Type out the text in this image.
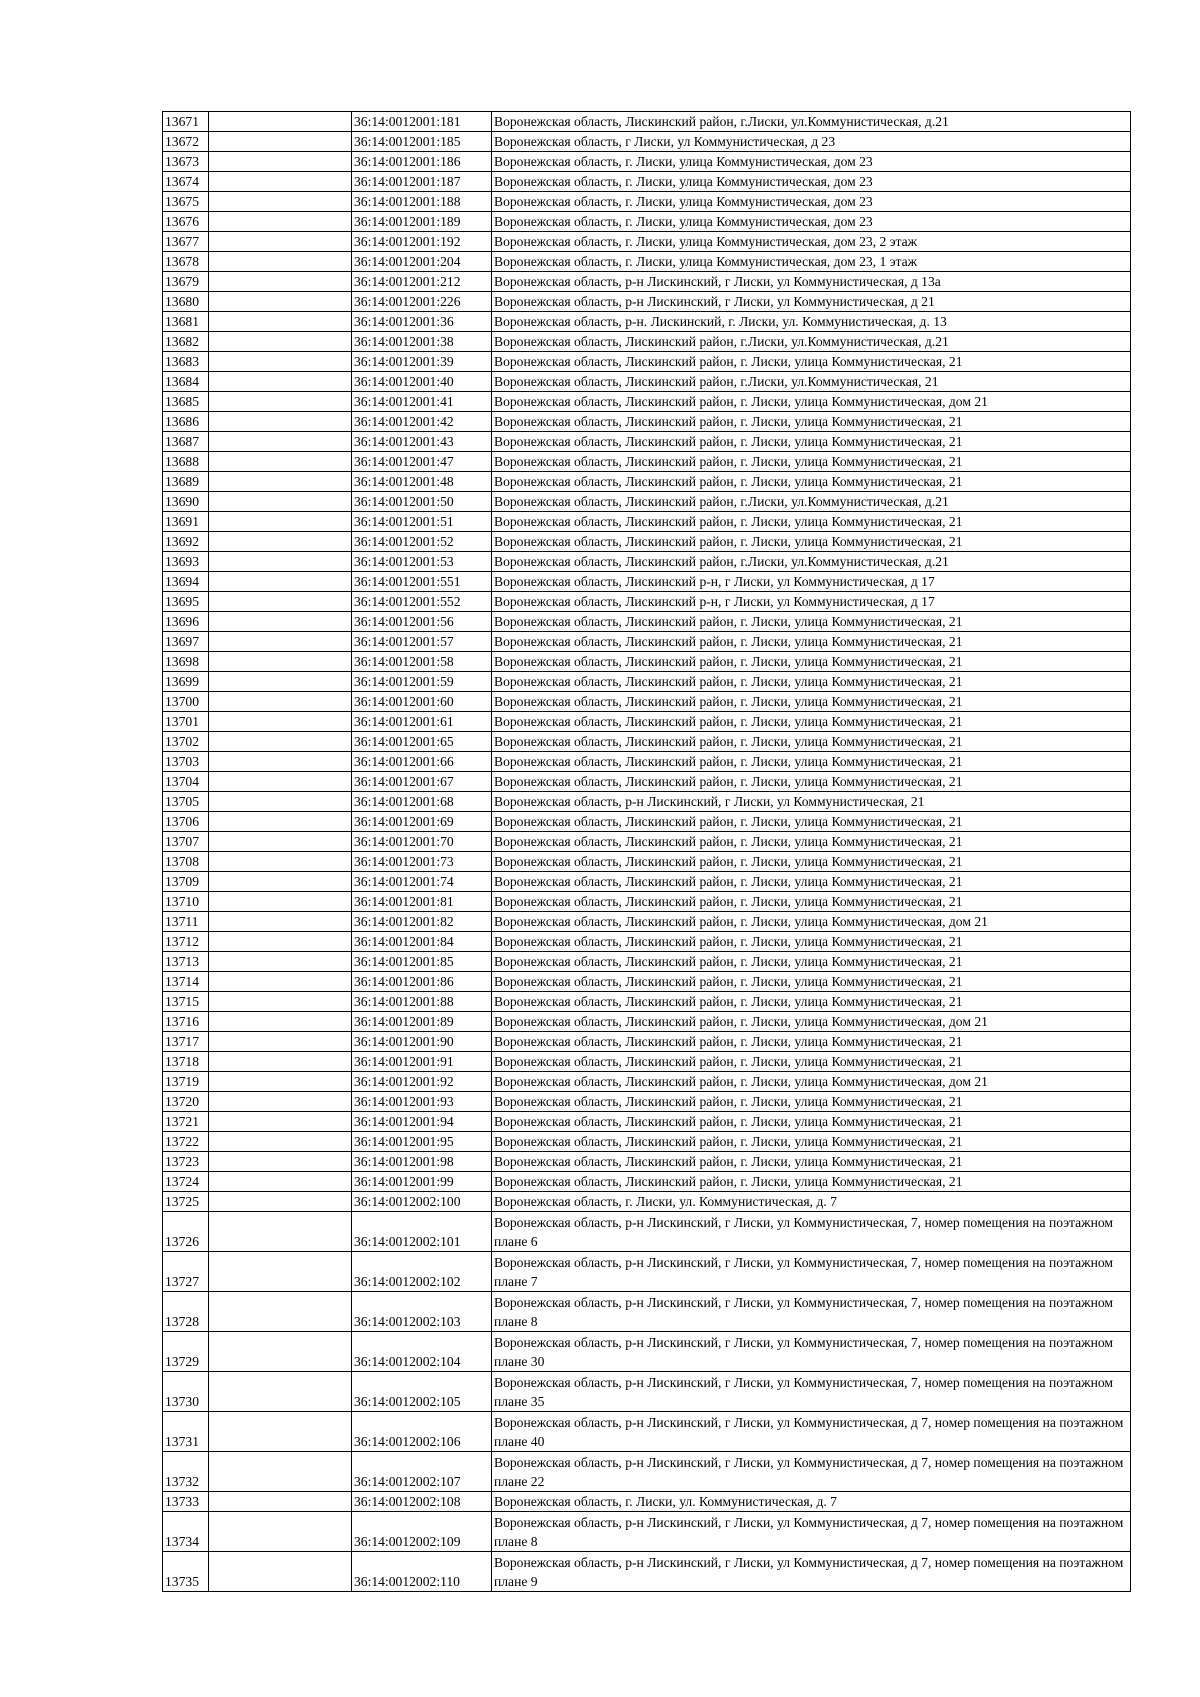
13671		36:14:0012001:181	Воронежская область, Лискинский район, г.Лиски, ул.Коммунистическая, д.21
13672		36:14:0012001:185	Воронежская область, г Лиски, ул Коммунистическая, д 23
13673		36:14:0012001:186	Воронежская область, г. Лиски, улица Коммунистическая, дом 23
13674		36:14:0012001:187	Воронежская область, г. Лиски, улица Коммунистическая, дом 23
13675		36:14:0012001:188	Воронежская область, г. Лиски, улица Коммунистическая, дом 23
13676		36:14:0012001:189	Воронежская область, г. Лиски, улица Коммунистическая, дом 23
13677		36:14:0012001:192	Воронежская область, г. Лиски, улица Коммунистическая, дом 23, 2 этаж
13678		36:14:0012001:204	Воронежская область, г. Лиски, улица Коммунистическая, дом 23, 1 этаж
13679		36:14:0012001:212	Воронежская область, р-н Лискинский, г Лиски, ул Коммунистическая, д 13а
13680		36:14:0012001:226	Воронежская область, р-н Лискинский, г Лиски, ул Коммунистическая, д 21
13681		36:14:0012001:36	Воронежская область, р-н. Лискинский, г. Лиски, ул. Коммунистическая, д. 13
13682		36:14:0012001:38	Воронежская область, Лискинский район, г.Лиски, ул.Коммунистическая, д.21
13683		36:14:0012001:39	Воронежская область, Лискинский район, г. Лиски, улица Коммунистическая, 21
13684		36:14:0012001:40	Воронежская область, Лискинский район, г.Лиски, ул.Коммунистическая, 21
13685		36:14:0012001:41	Воронежская область, Лискинский район, г. Лиски, улица Коммунистическая, дом 21
13686		36:14:0012001:42	Воронежская область, Лискинский район, г. Лиски, улица Коммунистическая, 21
13687		36:14:0012001:43	Воронежская область, Лискинский район, г. Лиски, улица Коммунистическая, 21
13688		36:14:0012001:47	Воронежская область, Лискинский район, г. Лиски, улица Коммунистическая, 21
13689		36:14:0012001:48	Воронежская область, Лискинский район, г. Лиски, улица Коммунистическая, 21
13690		36:14:0012001:50	Воронежская область, Лискинский район, г.Лиски, ул.Коммунистическая, д.21
13691		36:14:0012001:51	Воронежская область, Лискинский район, г. Лиски, улица Коммунистическая, 21
13692		36:14:0012001:52	Воронежская область, Лискинский район, г. Лиски, улица Коммунистическая, 21
13693		36:14:0012001:53	Воронежская область, Лискинский район, г.Лиски, ул.Коммунистическая, д.21
13694		36:14:0012001:551	Воронежская область, Лискинский р-н, г Лиски, ул Коммунистическая, д 17
13695		36:14:0012001:552	Воронежская область, Лискинский р-н, г Лиски, ул Коммунистическая, д 17
13696		36:14:0012001:56	Воронежская область, Лискинский район, г. Лиски, улица Коммунистическая, 21
13697		36:14:0012001:57	Воронежская область, Лискинский район, г. Лиски, улица Коммунистическая, 21
13698		36:14:0012001:58	Воронежская область, Лискинский район, г. Лиски, улица Коммунистическая, 21
13699		36:14:0012001:59	Воронежская область, Лискинский район, г. Лиски, улица Коммунистическая, 21
13700		36:14:0012001:60	Воронежская область, Лискинский район, г. Лиски, улица Коммунистическая, 21
13701		36:14:0012001:61	Воронежская область, Лискинский район, г. Лиски, улица Коммунистическая, 21
13702		36:14:0012001:65	Воронежская область, Лискинский район, г. Лиски, улица Коммунистическая, 21
13703		36:14:0012001:66	Воронежская область, Лискинский район, г. Лиски, улица Коммунистическая, 21
13704		36:14:0012001:67	Воронежская область, Лискинский район, г. Лиски, улица Коммунистическая, 21
13705		36:14:0012001:68	Воронежская область, р-н Лискинский, г Лиски, ул Коммунистическая, 21
13706		36:14:0012001:69	Воронежская область, Лискинский район, г. Лиски, улица Коммунистическая, 21
13707		36:14:0012001:70	Воронежская область, Лискинский район, г. Лиски, улица Коммунистическая, 21
13708		36:14:0012001:73	Воронежская область, Лискинский район, г. Лиски, улица Коммунистическая, 21
13709		36:14:0012001:74	Воронежская область, Лискинский район, г. Лиски, улица Коммунистическая, 21
13710		36:14:0012001:81	Воронежская область, Лискинский район, г. Лиски, улица Коммунистическая, 21
13711		36:14:0012001:82	Воронежская область, Лискинский район, г. Лиски, улица Коммунистическая, дом 21
13712		36:14:0012001:84	Воронежская область, Лискинский район, г. Лиски, улица Коммунистическая, 21
13713		36:14:0012001:85	Воронежская область, Лискинский район, г. Лиски, улица Коммунистическая, 21
13714		36:14:0012001:86	Воронежская область, Лискинский район, г. Лиски, улица Коммунистическая, 21
13715		36:14:0012001:88	Воронежская область, Лискинский район, г. Лиски, улица Коммунистическая, 21
13716		36:14:0012001:89	Воронежская область, Лискинский район, г. Лиски, улица Коммунистическая, дом 21
13717		36:14:0012001:90	Воронежская область, Лискинский район, г. Лиски, улица Коммунистическая, 21
13718		36:14:0012001:91	Воронежская область, Лискинский район, г. Лиски, улица Коммунистическая, 21
13719		36:14:0012001:92	Воронежская область, Лискинский район, г. Лиски, улица Коммунистическая, дом 21
13720		36:14:0012001:93	Воронежская область, Лискинский район, г. Лиски, улица Коммунистическая, 21
13721		36:14:0012001:94	Воронежская область, Лискинский район, г. Лиски, улица Коммунистическая, 21
13722		36:14:0012001:95	Воронежская область, Лискинский район, г. Лиски, улица Коммунистическая, 21
13723		36:14:0012001:98	Воронежская область, Лискинский район, г. Лиски, улица Коммунистическая, 21
13724		36:14:0012001:99	Воронежская область, Лискинский район, г. Лиски, улица Коммунистическая, 21
13725		36:14:0012002:100	Воронежская область, г. Лиски, ул. Коммунистическая, д. 7
13726		36:14:0012002:101	Воронежская область, р-н Лискинский, г Лиски, ул Коммунистическая, 7, номер помещения на поэтажном плане 6
13727		36:14:0012002:102	Воронежская область, р-н Лискинский, г Лиски, ул Коммунистическая, 7, номер помещения на поэтажном плане 7
13728		36:14:0012002:103	Воронежская область, р-н Лискинский, г Лиски, ул Коммунистическая, 7, номер помещения на поэтажном плане 8
13729		36:14:0012002:104	Воронежская область, р-н Лискинский, г Лиски, ул Коммунистическая, 7, номер помещения на поэтажном плане 30
13730		36:14:0012002:105	Воронежская область, р-н Лискинский, г Лиски, ул Коммунистическая, 7, номер помещения на поэтажном плане 35
13731		36:14:0012002:106	Воронежская область, р-н Лискинский, г Лиски, ул Коммунистическая, д 7, номер помещения на поэтажном плане 40
13732		36:14:0012002:107	Воронежская область, р-н Лискинский, г Лиски, ул Коммунистическая, д 7, номер помещения на поэтажном плане 22
13733		36:14:0012002:108	Воронежская область, г. Лиски, ул. Коммунистическая, д. 7
13734		36:14:0012002:109	Воронежская область, р-н Лискинский, г Лиски, ул Коммунистическая, д 7, номер помещения на поэтажном плане 8
13735		36:14:0012002:110	Воронежская область, р-н Лискинский, г Лиски, ул Коммунистическая, д 7, номер помещения на поэтажном плане 9
